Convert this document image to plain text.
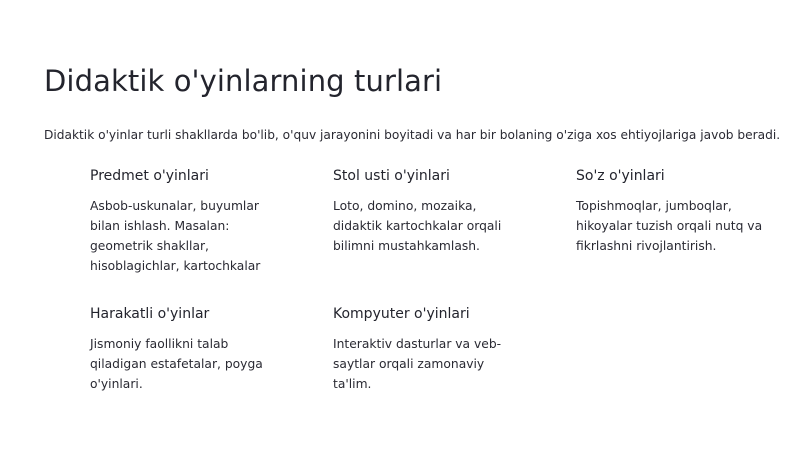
Didaktik o'yinlarning turlari

Didaktik o'yinlar turli shakllarda bo'lib, o'quv jarayonini boyitadi va har bir bolaning o'ziga xos ehtiyojlariga javob beradi.

Predmet o'yinlari

Asbob-uskunalar, buyumlar bilan ishlash. Masalan: geometrik shakllar, hisoblagichlar, kartochkalar

Stol usti o'yinlari

Loto, domino, mozaika, didaktik kartochkalar orqali bilimni mustahkamlash.

So'z o'yinlari

Topishmoqlar, jumboqlar, hikoyalar tuzish orqali nutq va fikrlashni rivojlantirish.

Harakatli o'yinlar

Jismoniy faollikni talab qiladigan estafetalar, poyga o'yinlari.

Kompyuter o'yinlari

Interaktiv dasturlar va veb-saytlar orqali zamonaviy ta'lim.
